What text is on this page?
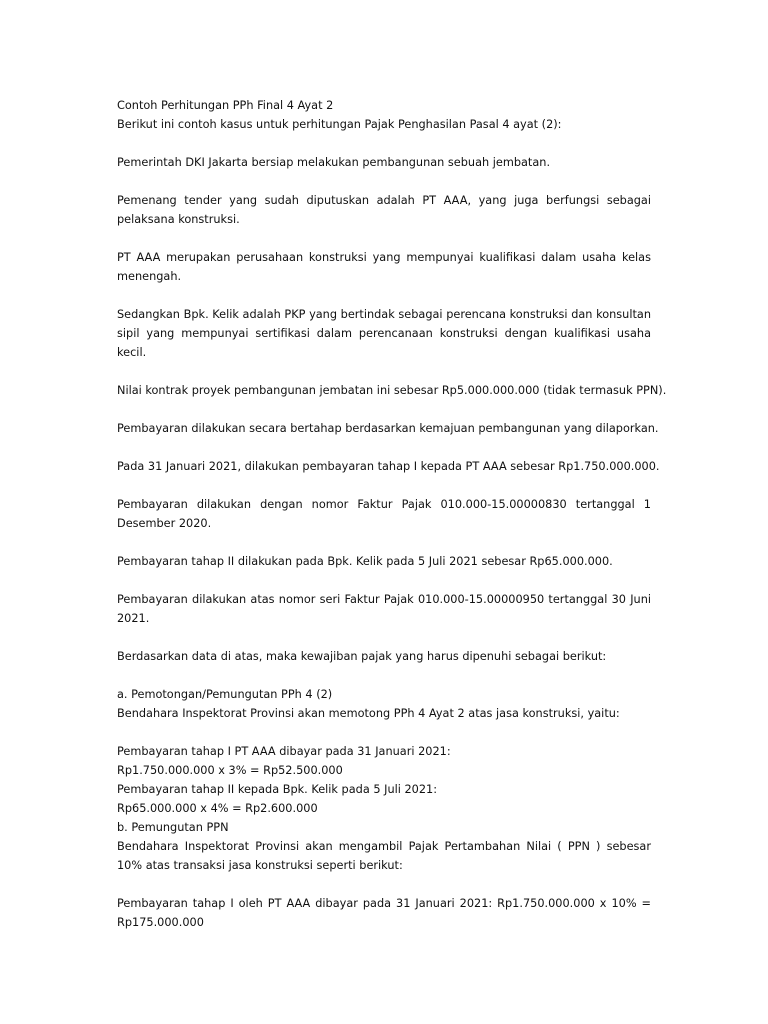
Contoh Perhitungan PPh Final 4 Ayat 2

Berikut ini contoh kasus untuk perhitungan Pajak Penghasilan Pasal 4 ayat (2):

Pemerintah DKI Jakarta bersiap melakukan pembangunan sebuah jembatan.

Pemenang tender yang sudah diputuskan adalah PT AAA, yang juga berfungsi sebagai pelaksana konstruksi.

PT AAA merupakan perusahaan konstruksi yang mempunyai kualifikasi dalam usaha kelas menengah.

Sedangkan Bpk. Kelik adalah PKP yang bertindak sebagai perencana konstruksi dan konsultan sipil yang mempunyai sertifikasi dalam perencanaan konstruksi dengan kualifikasi usaha kecil.

Nilai kontrak proyek pembangunan jembatan ini sebesar Rp5.000.000.000 (tidak termasuk PPN).

Pembayaran dilakukan secara bertahap berdasarkan kemajuan pembangunan yang dilaporkan.

Pada 31 Januari 2021, dilakukan pembayaran tahap I kepada PT AAA sebesar Rp1.750.000.000.

Pembayaran dilakukan dengan nomor Faktur Pajak 010.000-15.00000830 tertanggal 1 Desember 2020.

Pembayaran tahap II dilakukan pada Bpk. Kelik pada 5 Juli 2021 sebesar Rp65.000.000.

Pembayaran dilakukan atas nomor seri Faktur Pajak 010.000-15.00000950 tertanggal 30 Juni 2021.

Berdasarkan data di atas, maka kewajiban pajak yang harus dipenuhi sebagai berikut:

a. Pemotongan/Pemungutan PPh 4 (2)

Bendahara Inspektorat Provinsi akan memotong PPh 4 Ayat 2 atas jasa konstruksi, yaitu:

Pembayaran tahap I PT AAA dibayar pada 31 Januari 2021:

Rp1.750.000.000 x 3% = Rp52.500.000

Pembayaran tahap II kepada Bpk. Kelik pada 5 Juli 2021:

Rp65.000.000 x 4% = Rp2.600.000

b. Pemungutan PPN

Bendahara Inspektorat Provinsi akan mengambil Pajak Pertambahan Nilai ( PPN ) sebesar 10% atas transaksi jasa konstruksi seperti berikut:

Pembayaran tahap I oleh PT AAA dibayar pada 31 Januari 2021: Rp1.750.000.000 x 10% = Rp175.000.000
